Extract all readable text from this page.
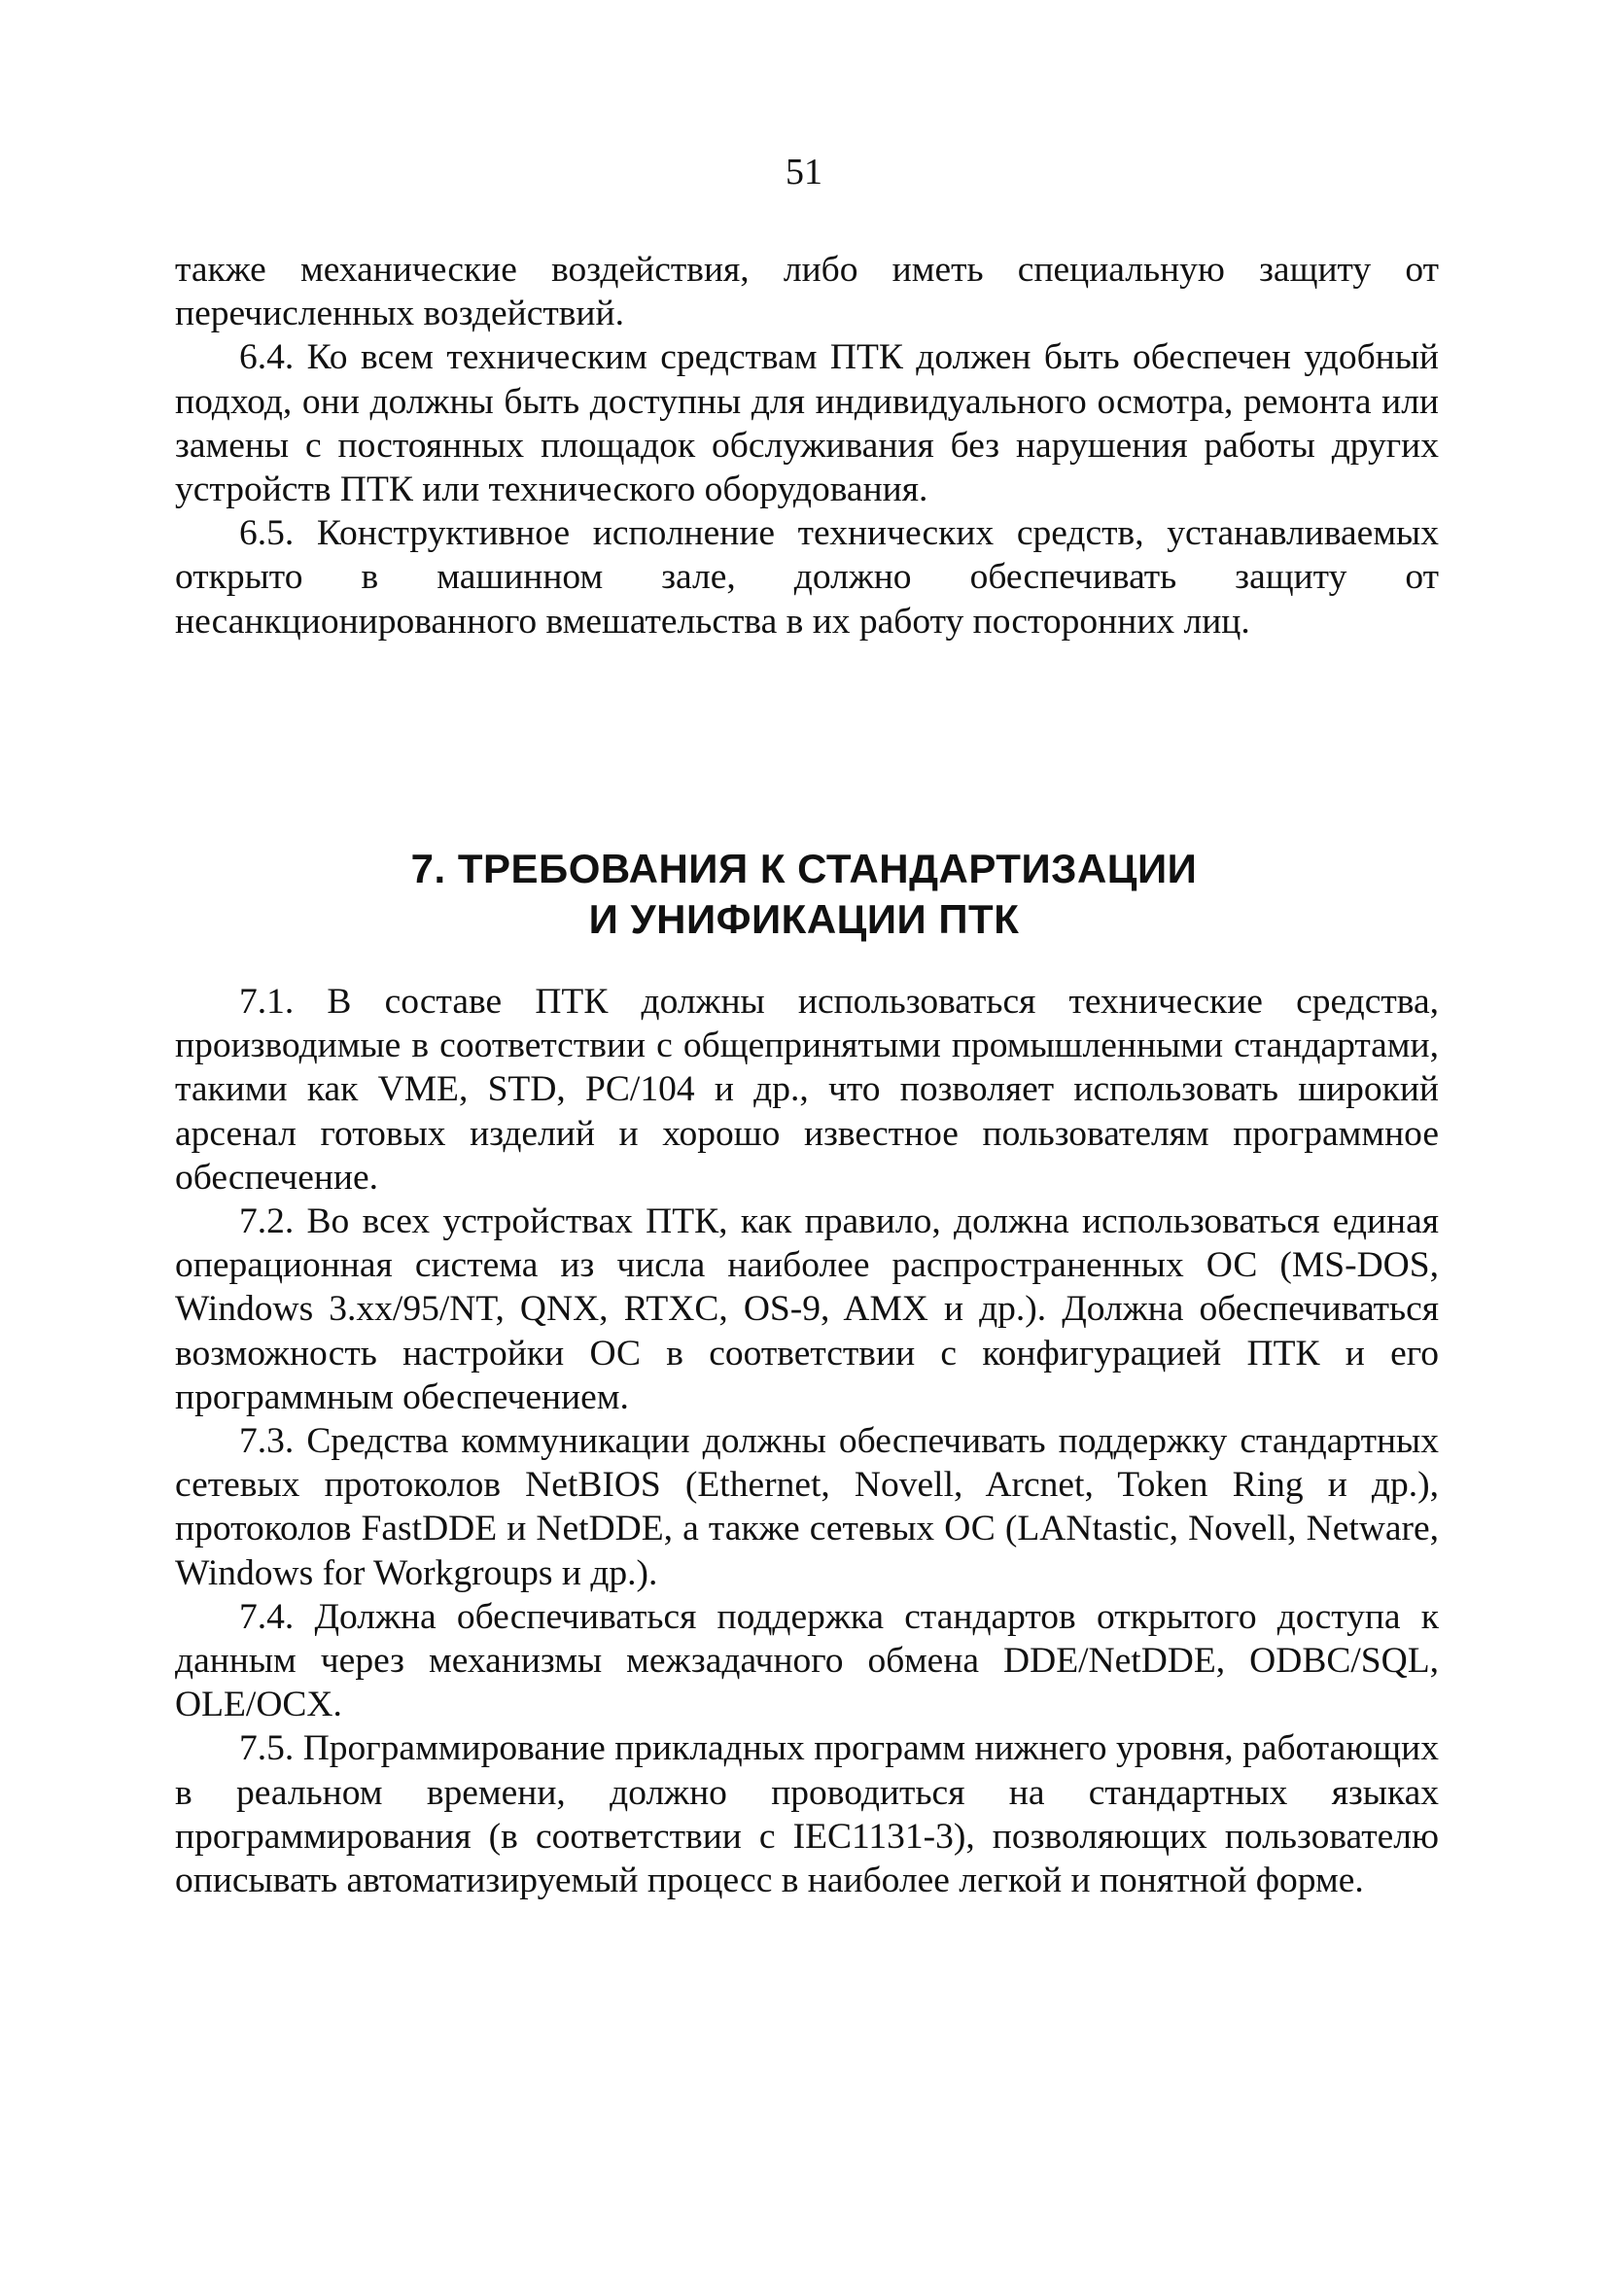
51

также механические воздействия, либо иметь специальную защиту от перечисленных воздействий.

6.4. Ко всем техническим средствам ПТК должен быть обеспечен удобный подход, они должны быть доступны для индивидуального осмотра, ремонта или замены с постоянных площадок обслуживания без нарушения работы других устройств ПТК или технического оборудования.

6.5. Конструктивное исполнение технических средств, устанавливаемых открыто в машинном зале, должно обеспечивать защиту от несанкционированного вмешательства в их работу посторонних лиц.

7. ТРЕБОВАНИЯ К СТАНДАРТИЗАЦИИ
И УНИФИКАЦИИ ПТК

7.1. В составе ПТК должны использоваться технические средства, производимые в соответствии с общепринятыми промышленными стандартами, такими как VME, STD, PC/104 и др., что позволяет использовать широкий арсенал готовых изделий и хорошо известное пользователям программное обеспечение.

7.2. Во всех устройствах ПТК, как правило, должна использоваться единая операционная система из числа наиболее распространенных ОС (MS-DOS, Windows 3.xx/95/NT, QNX, RTXC, OS-9, AMX и др.). Должна обеспечиваться возможность настройки ОС в соответствии с конфигурацией ПТК и его программным обеспечением.

7.3. Средства коммуникации должны обеспечивать поддержку стандартных сетевых протоколов NetBIOS (Ethernet, Novell, Arcnet, Token Ring и др.), протоколов FastDDE и NetDDE, а также сетевых ОС (LANtastic, Novell, Netware, Windows for Workgroups и др.).

7.4. Должна обеспечиваться поддержка стандартов открытого доступа к данным через механизмы межзадачного обмена DDE/NetDDE, ODBC/SQL, OLE/OCX.

7.5. Программирование прикладных программ нижнего уровня, работающих в реальном времени, должно проводиться на стандартных языках программирования (в соответствии с IEC1131-3), позволяющих пользователю описывать автоматизируемый процесс в наиболее легкой и понятной форме.
